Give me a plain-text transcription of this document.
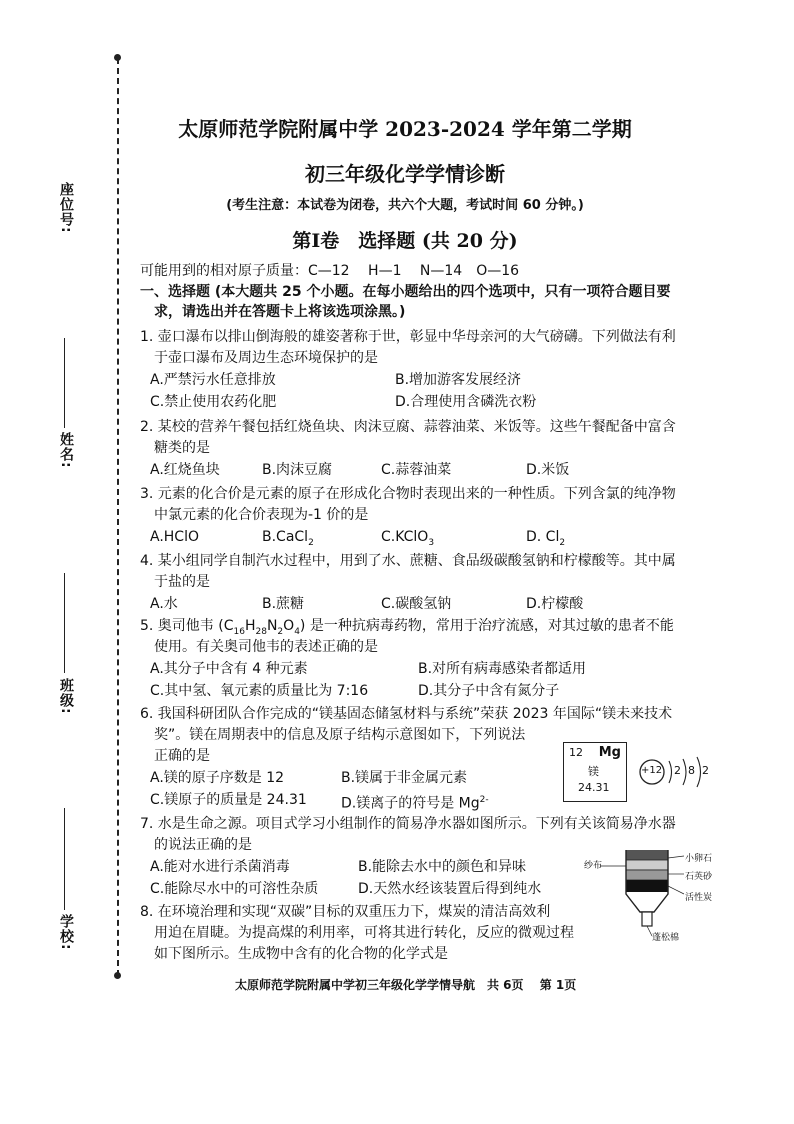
座位号:
姓名:
班级:
学校:
太原师范学院附属中学 2023-2024 学年第二学期
初三年级化学学情诊断
(考生注意：本试卷为闭卷，共六个大题，考试时间 60 分钟。)
第Ⅰ卷　选择题 (共 20 分)
可能用到的相对原子质量：C—12　 H—1　 N—14　O—16
一、选择题 (本大题共 25 个小题。在每小题给出的四个选项中，只有一项符合题目要
求，请选出并在答题卡上将该选项涂黑。)
1. 壶口瀑布以排山倒海般的雄姿著称于世，彰显中华母亲河的大气磅礴。下列做法有利
于壶口瀑布及周边生态环境保护的是
A.严禁污水任意排放	B.增加游客发展经济
C.禁止使用农药化肥	D.合理使用含磷洗衣粉
2. 某校的营养午餐包括红烧鱼块、肉沫豆腐、蒜蓉油菜、米饭等。这些午餐配备中富含
糖类的是
A.红烧鱼块	B.肉沫豆腐	C.蒜蓉油菜	D.米饭
3. 元素的化合价是元素的原子在形成化合物时表现出来的一种性质。下列含氯的纯净物
中氯元素的化合价表现为-1 价的是
A.HClO	B.CaCl$_2$	C.KClO$_3$	D. $Cl_2$
4. 某小组同学自制汽水过程中，用到了水、蔗糖、食品级碳酸氢钠和柠檬酸等。其中属
于盐的是
A.水	B.蔗糖	C.碳酸氢钠	D.柠檬酸
5. 奥司他韦 $(C_{16}H_{28}N_2O_4)$ 是一种抗病毒药物，常用于治疗流感，对其过敏的患者不能
使用。有关奥司他韦的表述正确的是
A.其分子中含有 4 种元素	B.对所有病毒感染者都适用
C.其中氢、氧元素的质量比为 7:16	D.其分子中含有氮分子
6. 我国科研团队合作完成的“镁基固态储氢材料与系统”荣获 2023 年国际“镁未来技术
奖”。镁在周期表中的信息及原子结构示意图如下，下列说法
正确的是
A.镁的原子序数是 12	B.镁属于非金属元素
C.镁原子的质量是 24.31 D.镁离子的符号是 $Mg^{2-}$
12 Mg
镁
24.31
+12 2 8 2
7. 水是生命之源。项目式学习小组制作的简易净水器如图所示。下列有关该简易净水器
的说法正确的是
A.能对水进行杀菌消毒	B.能除去水中的颜色和异味
C.能除尽水中的可溶性杂质	D.天然水经该装置后得到纯水
纱布
小卵石
石英砂
活性炭
蓬松棉
8. 在环境治理和实现“双碳”目标的双重压力下，煤炭的清洁高效利
用迫在眉睫。为提高煤的利用率，可将其进行转化，反应的微观过程
如下图所示。生成物中含有的化合物的化学式是
太原师范学院附属中学初三年级化学学情导航　共 6页　 第 1页
